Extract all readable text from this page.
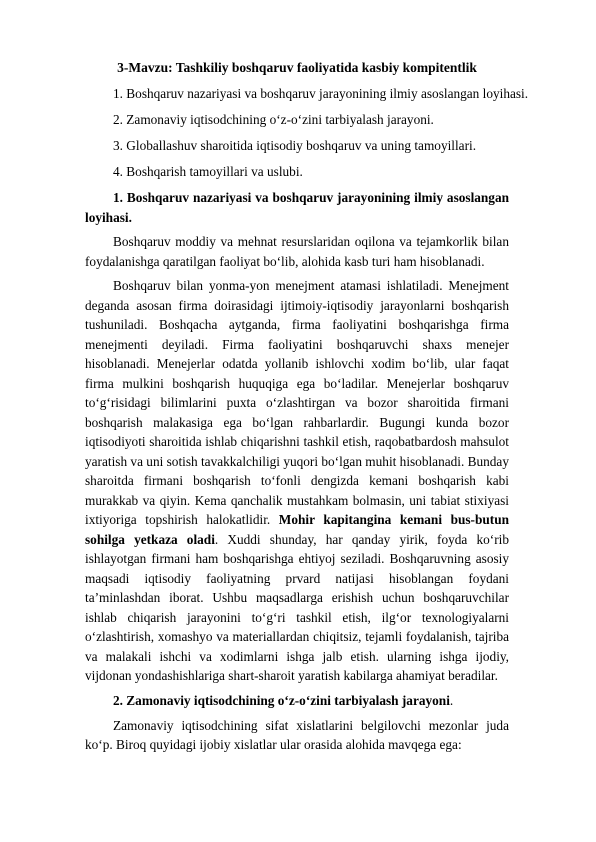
3-Mavzu: Tashkiliy boshqaruv faoliyatida kasbiy kompitentlik

1. Boshqaruv nazariyasi va boshqaruv jarayonining ilmiy asoslangan loyihasi.

2. Zamonaviy iqtisodchining o‘z-o‘zini tarbiyalash jarayoni.

3. Globallashuv sharoitida iqtisodiy boshqaruv va uning tamoyillari.

4. Boshqarish tamoyillari va uslubi.

1. Boshqaruv nazariyasi va boshqaruv jarayonining ilmiy asoslangan loyihasi.

Boshqaruv moddiy va mehnat resurslaridan oqilona va tejamkorlik bilan foydalanishga qaratilgan faoliyat bo‘lib, alohida kasb turi ham hisoblanadi.

Boshqaruv bilan yonma-yon menejment atamasi ishlatiladi. Menejment deganda asosan firma doirasidagi ijtimoiy-iqtisodiy jarayonlarni boshqarish tushuniladi. Boshqacha aytganda, firma faoliyatini boshqarishga firma menejmenti deyiladi. Firma faoliyatini boshqaruvchi shaxs menejer hisoblanadi. Menejerlar odatda yollanib ishlovchi xodim bo‘lib, ular faqat firma mulkini boshqarish huquqiga ega bo‘ladilar. Menejerlar boshqaruv to‘g‘risidagi bilimlarini puxta o‘zlashtirgan va bozor sharoitida firmani boshqarish malakasiga ega bo‘lgan rahbarlardir. Bugungi kunda bozor iqtisodiyoti sharoitida ishlab chiqarishni tashkil etish, raqobatbardosh mahsulot yaratish va uni sotish tavakkalchiligi yuqori bo‘lgan muhit hisoblanadi. Bunday sharoitda firmani boshqarish to‘fonli dengizda kemani boshqarish kabi murakkab va qiyin. Kema qanchalik mustahkam bolmasin, uni tabiat stixiyasi ixtiyoriga topshirish halokatlidir. Mohir kapitangina kemani bus-butun sohilga yetkaza oladi. Xuddi shunday, har qanday yirik, foyda ko‘rib ishlayotgan firmani ham boshqarishga ehtiyoj seziladi. Boshqaruvning asosiy maqsadi iqtisodiy faoliyatning prvard natijasi hisoblangan foydani ta’minlashdan iborat. Ushbu maqsadlarga erishish uchun boshqaruvchilar ishlab chiqarish jarayonini to‘g‘ri tashkil etish, ilg‘or texnologiyalarni o‘zlashtirish, xomashyo va materiallardan chiqitsiz, tejamli foydalanish, tajriba va malakali ishchi va xodimlarni ishga jalb etish. ularning ishga ijodiy, vijdonan yondashishlariga shart-sharoit yaratish kabilarga ahamiyat beradilar.

2. Zamonaviy iqtisodchining o‘z-o‘zini tarbiyalash jarayoni.

Zamonaviy iqtisodchining sifat xislatlarini belgilovchi mezonlar juda ko‘p. Biroq quyidagi ijobiy xislatlar ular orasida alohida mavqega ega:
